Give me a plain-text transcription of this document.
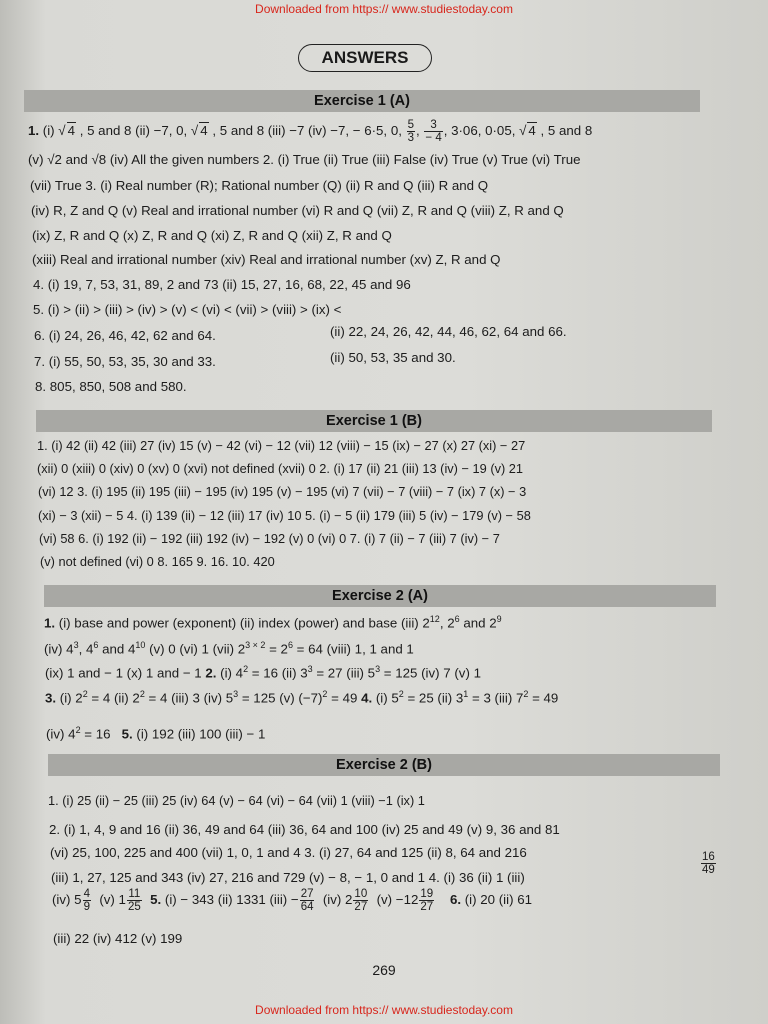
Downloaded from https:// www.studiestoday.com
ANSWERS
Exercise 1 (A)
1. (i) √ 4 , 5 and 8 (ii) −7, 0, √ 4 , 5 and 8 (iii) −7 (iv) −7, − 6·5, 0, $\frac{5}{3}$ , $\frac{3}{- 4}$ , 3·06, 0·05, √ 4 , 5 and 8
(v) √2 and √8 (iv) All the given numbers 2. (i) True (ii) True (iii) False (iv) True (v) True (vi) True
(vii) True 3. (i) Real number (R); Rational number (Q) (ii) R and Q (iii) R and Q
(iv) R, Z and Q (v) Real and irrational number (vi) R and Q (vii) Z, R and Q (viii) Z, R and Q
(ix) Z, R and Q (x) Z, R and Q (xi) Z, R and Q (xii) Z, R and Q
(xiii) Real and irrational number (xiv) Real and irrational number (xv) Z, R and Q
4. (i) 19, 7, 53, 31, 89, 2 and 73 (ii) 15, 27, 16, 68, 22, 45 and 96
5. (i) > (ii) > (iii) > (iv) > (v) < (vi) < (vii) > (viii) > (ix) <
6. (i) 24, 26, 46, 42, 62 and 64.	(ii) 22, 24, 26, 42, 44, 46, 62, 64 and 66.
7. (i) 55, 50, 53, 35, 30 and 33.	(ii) 50, 53, 35 and 30.
8. 805, 850, 508 and 580.
Exercise 1 (B)
1. (i) 42 (ii) 42 (iii) 27 (iv) 15 (v) − 42 (vi) − 12 (vii) 12 (viii) − 15 (ix) − 27 (x) 27 (xi) − 27
(xii) 0 (xiii) 0 (xiv) 0 (xv) 0 (xvi) not defined (xvii) 0 2. (i) 17 (ii) 21 (iii) 13 (iv) − 19 (v) 21
(vi) 12 3. (i) 195 (ii) 195 (iii) − 195 (iv) 195 (v) − 195 (vi) 7 (vii) − 7 (viii) − 7 (ix) 7 (x) − 3
(xi) − 3 (xii) − 5 4. (i) 139 (ii) − 12 (iii) 17 (iv) 10 5. (i) − 5 (ii) 179 (iii) 5 (iv) − 179 (v) − 58
(vi) 58 6. (i) 192 (ii) − 192 (iii) 192 (iv) − 192 (v) 0 (vi) 0 7. (i) 7 (ii) − 7 (iii) 7 (iv) − 7
(v) not defined (vi) 0 8. 165 9. 16. 10. 420
Exercise 2 (A)
1. (i) base and power (exponent) (ii) index (power) and base (iii) $2^{12}$, $2^6$ and $2^9$
(iv) $4^3$, $4^6$ and $4^{10}$ (v) 0 (vi) 1 (vii) $2^{3 \times 2} = 2^6 = 64$ (viii) 1, 1 and 1
(ix) 1 and − 1 (x) 1 and − 1 2. (i) $4^2 = 16$ (ii) $3^3 = 27$ (iii) $5^3 = 125$ (iv) 7 (v) 1
3. (i) $2^2 = 4$ (ii) $2^2 = 4$ (iii) 3 (iv) $5^3 = 125$ (v) $(-7)^2 = 49$ 4. (i) $5^2 = 25$ (ii) $3^1 = 3$ (iii) $7^2 = 49$
(iv) $4^2 = 16$   5. (i) 192 (iii) 100 (iii) − 1
Exercise 2 (B)
1. (i) 25 (ii) − 25 (iii) 25 (iv) 64 (v) − 64 (vi) − 64 (vii) 1 (viii) −1 (ix) 1
2. (i) 1, 4, 9 and 16 (ii) 36, 49 and 64 (iii) 36, 64 and 100 (iv) 25 and 49 (v) 9, 36 and 81
(vi) 25, 100, 225 and 400 (vii) 1, 0, 1 and 4 3. (i) 27, 64 and 125 (ii) 8, 64 and 216
(iii) 1, 27, 125 and 343 (iv) 27, 216 and 729 (v) − 8, − 1, 0 and 1 4. (i) 36 (ii) 1 (iii)
$\frac{16}{49}$
(iv) $5 \frac{4}{9} (v)$ $1 \frac{11}{25} 5$. (i) − 343 (ii) 1331 $(iii) - \frac{27}{64} (iv)$ $2 \frac{10}{27} (v) -12 \frac{19}{27} 6$. (i) 20 (ii) 61
(iii) 22 (iv) 412 (v) 199
269
Downloaded from https:// www.studiestoday.com
